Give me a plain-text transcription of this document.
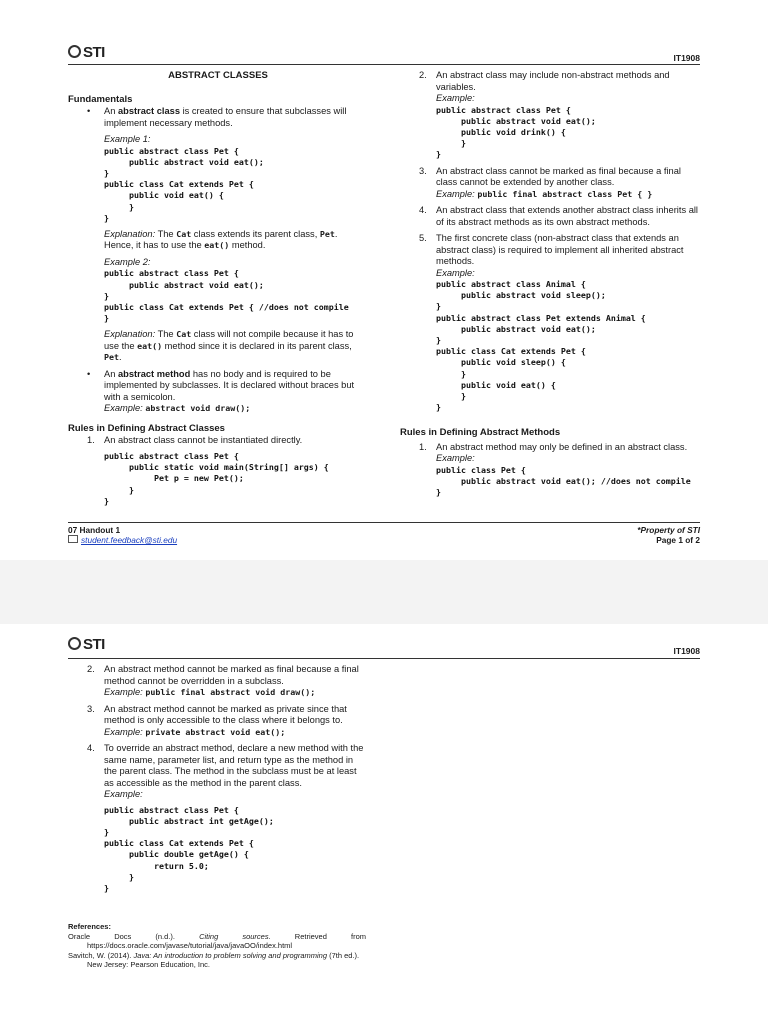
STI	IT1908
ABSTRACT CLASSES
Fundamentals
• An abstract class is created to ensure that subclasses will implement necessary methods.
Example 1:
public abstract class Pet {
public abstract void eat();
}
public class Cat extends Pet {
public void eat() {
}
}
Explanation: The Cat class extends its parent class, Pet. Hence, it has to use the eat() method.
Example 2:
public abstract class Pet {
public abstract void eat();
}
public class Cat extends Pet { //does not compile
}
Explanation: The Cat class will not compile because it has to use the eat() method since it is declared in its parent class, Pet.
• An abstract method has no body and is required to be implemented by subclasses. It is declared without braces but with a semicolon.
Example: abstract void draw();
Rules in Defining Abstract Classes
1. An abstract class cannot be instantiated directly.
public abstract class Pet {
public static void main(String[] args) {
Pet p = new Pet();
}
}
2. An abstract class may include non-abstract methods and variables.
Example:
public abstract class Pet {
public abstract void eat();
public void drink() {
}
}
3. An abstract class cannot be marked as final because a final class cannot be extended by another class.
Example: public final abstract class Pet { }
4. An abstract class that extends another abstract class inherits all of its abstract methods as its own abstract methods.
5. The first concrete class (non-abstract class that extends an abstract class) is required to implement all inherited abstract methods.
Example:
public abstract class Animal {
public abstract void sleep();
}
public abstract class Pet extends Animal {
public abstract void eat();
}
public class Cat extends Pet {
public void sleep() {
}
public void eat() {
}
}
Rules in Defining Abstract Methods
1. An abstract method may only be defined in an abstract class.
Example:
public class Pet {
public abstract void eat(); //does not compile
}
07 Handout 1
student.feedback@sti.edu
*Property of STI
Page 1 of 2
STI	IT1908
2. An abstract method cannot be marked as final because a final method cannot be overridden in a subclass.
Example: public final abstract void draw();
3. An abstract method cannot be marked as private since that method is only accessible to the class where it belongs to.
Example: private abstract void eat();
4. To override an abstract method, declare a new method with the same name, parameter list, and return type as the method in the parent class. The method in the subclass must be at least as accessible as the method in the parent class.
Example:
public abstract class Pet {
public abstract int getAge();
}
public class Cat extends Pet {
public double getAge() {
return 5.0;
}
}
References:
Oracle	Docs	(n.d.).	Citing	sources.	Retrieved	from
https://docs.oracle.com/javase/tutorial/java/javaOO/index.html
Savitch, W. (2014). Java: An introduction to problem solving and programming (7th ed.).
New Jersey: Pearson Education, Inc.
